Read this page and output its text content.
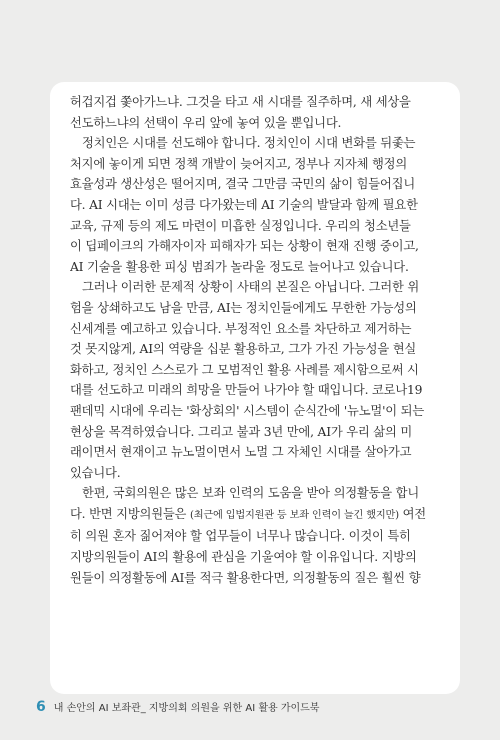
허겁지겁 쫓아가느냐. 그것을 타고 새 시대를 질주하며, 새 세상을
선도하느냐의 선택이 우리 앞에 놓여 있을 뿐입니다.

정치인은 시대를 선도해야 합니다. 정치인이 시대 변화를 뒤좇는
처지에 놓이게 되면 정책 개발이 늦어지고, 정부나 지자체 행정의
효율성과 생산성은 떨어지며, 결국 그만큼 국민의 삶이 힘들어집니
다. AI 시대는 이미 성큼 다가왔는데 AI 기술의 발달과 함께 필요한
교육, 규제 등의 제도 마련이 미흡한 실정입니다. 우리의 청소년들
이 딥페이크의 가해자이자 피해자가 되는 상황이 현재 진행 중이고,
AI 기술을 활용한 피싱 범죄가 놀라울 정도로 늘어나고 있습니다.

그러나 이러한 문제적 상황이 사태의 본질은 아닙니다. 그러한 위
험을 상쇄하고도 남을 만큼, AI는 정치인들에게도 무한한 가능성의
신세계를 예고하고 있습니다. 부정적인 요소를 차단하고 제거하는
것 못지않게, AI의 역량을 십분 활용하고, 그가 가진 가능성을 현실
화하고, 정치인 스스로가 그 모범적인 활용 사례를 제시함으로써 시
대를 선도하고 미래의 희망을 만들어 나가야 할 때입니다. 코로나19
팬데믹 시대에 우리는 '화상회의' 시스템이 순식간에 '뉴노멀'이 되는
현상을 목격하였습니다. 그리고 불과 3년 만에, AI가 우리 삶의 미
래이면서 현재이고 뉴노멀이면서 노멀 그 자체인 시대를 살아가고
있습니다.

한편, 국회의원은 많은 보좌 인력의 도움을 받아 의정활동을 합니
다. 반면 지방의원들은 (최근에 입법지원관 등 보좌 인력이 늘긴 했지만) 여전
히 의원 혼자 짊어져야 할 업무들이 너무나 많습니다. 이것이 특히
지방의원들이 AI의 활용에 관심을 기울여야 할 이유입니다. 지방의
원들이 의정활동에 AI를 적극 활용한다면, 의정활동의 질은 훨씬 향

6 내 손안의 AI 보좌관_ 지방의회 의원을 위한 AI 활용 가이드북
